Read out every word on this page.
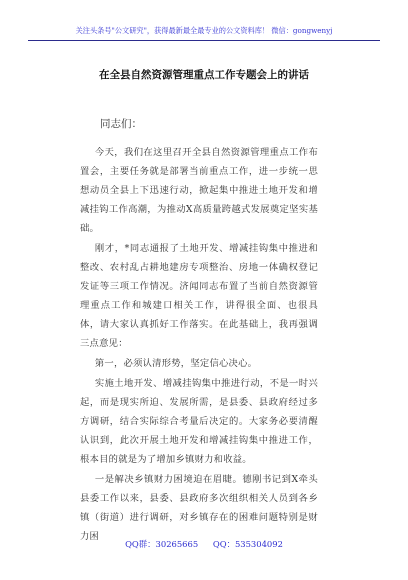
关注头条号"公文研究"，获得最新最全最专业的公文资料库！ 微信：gongwenyj
在全县自然资源管理重点工作专题会上的讲话
同志们：

今天，我们在这里召开全县自然资源管理重点工作布置会，主要任务就是部署当前重点工作，进一步统一思想动员全县上下迅速行动，掀起集中推进土地开发和增减挂钩工作高潮，为推动X高质量跨越式发展奠定坚实基础。

刚才，*同志通报了土地开发、增减挂钩集中推进和整改、农村乱占耕地建房专项整治、房地一体确权登记发证等三项工作情况。济闻同志布置了当前自然资源管理重点工作和城建口相关工作，讲得很全面、也很具体，请大家认真抓好工作落实。在此基础上，我再强调三点意见：

第一，必须认清形势，坚定信心决心。

实施土地开发、增减挂钩集中推进行动，不是一时兴起，而是现实所迫、发展所需，是县委、县政府经过多方调研，结合实际综合考量后决定的。大家务必要清醒认识到，此次开展土地开发和增减挂钩集中推进工作，根本目的就是为了增加乡镇财力和收益。

一是解决乡镇财力困境迫在眉睫。德刚书记到X牵头县委工作以来，县委、县政府多次组织相关人员到各乡镇（街道）进行调研，对乡镇存在的困难问题特别是财力困

QQ群：30265665 QQ：535304092
